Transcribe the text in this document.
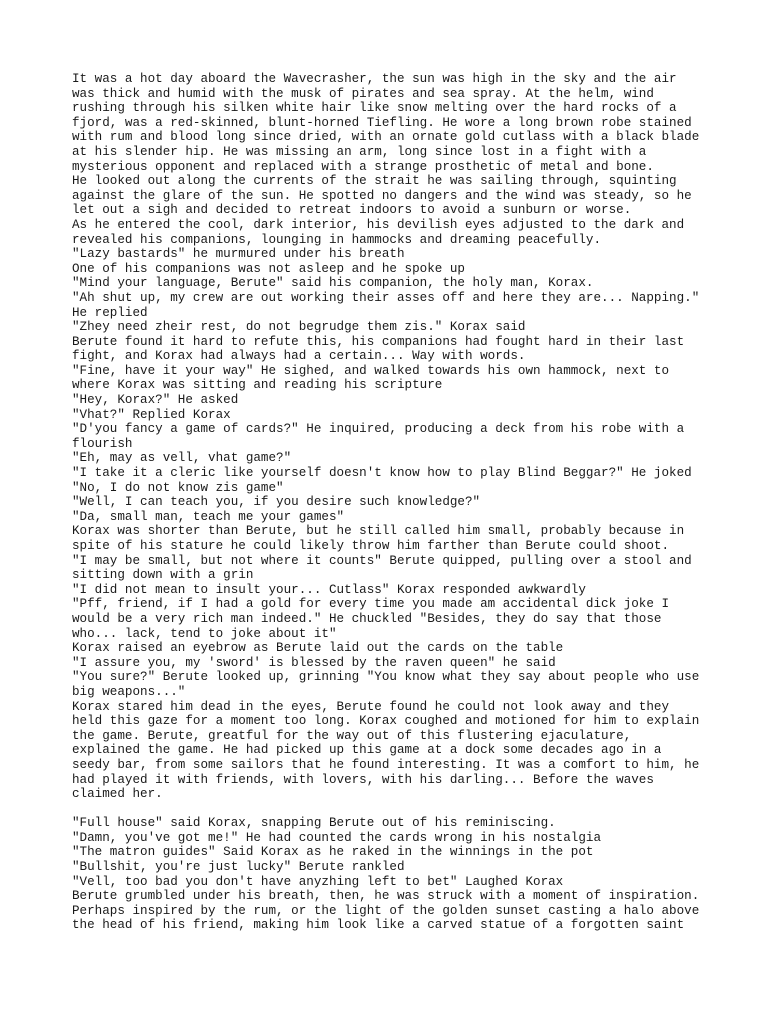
It was a hot day aboard the Wavecrasher, the sun was high in the sky and the air
was thick and humid with the musk of pirates and sea spray. At the helm, wind
rushing through his silken white hair like snow melting over the hard rocks of a
fjord, was a red-skinned, blunt-horned Tiefling. He wore a long brown robe stained
with rum and blood long since dried, with an ornate gold cutlass with a black blade
at his slender hip. He was missing an arm, long since lost in a fight with a
mysterious opponent and replaced with a strange prosthetic of metal and bone.
He looked out along the currents of the strait he was sailing through, squinting
against the glare of the sun. He spotted no dangers and the wind was steady, so he
let out a sigh and decided to retreat indoors to avoid a sunburn or worse.
As he entered the cool, dark interior, his devilish eyes adjusted to the dark and
revealed his companions, lounging in hammocks and dreaming peacefully.
"Lazy bastards" he murmured under his breath
One of his companions was not asleep and he spoke up
"Mind your language, Berute" said his companion, the holy man, Korax.
"Ah shut up, my crew are out working their asses off and here they are... Napping."
He replied
"Zhey need zheir rest, do not begrudge them zis." Korax said
Berute found it hard to refute this, his companions had fought hard in their last
fight, and Korax had always had a certain... Way with words.
"Fine, have it your way" He sighed, and walked towards his own hammock, next to
where Korax was sitting and reading his scripture
"Hey, Korax?" He asked
"Vhat?" Replied Korax
"D'you fancy a game of cards?" He inquired, producing a deck from his robe with a
flourish
"Eh, may as vell, vhat game?"
"I take it a cleric like yourself doesn't know how to play Blind Beggar?" He joked
"No, I do not know zis game"
"Well, I can teach you, if you desire such knowledge?"
"Da, small man, teach me your games"
Korax was shorter than Berute, but he still called him small, probably because in
spite of his stature he could likely throw him farther than Berute could shoot.
"I may be small, but not where it counts" Berute quipped, pulling over a stool and
sitting down with a grin
"I did not mean to insult your... Cutlass" Korax responded awkwardly
"Pff, friend, if I had a gold for every time you made am accidental dick joke I
would be a very rich man indeed." He chuckled "Besides, they do say that those
who... lack, tend to joke about it"
Korax raised an eyebrow as Berute laid out the cards on the table
"I assure you, my 'sword' is blessed by the raven queen" he said
"You sure?" Berute looked up, grinning "You know what they say about people who use
big weapons..."
Korax stared him dead in the eyes, Berute found he could not look away and they
held this gaze for a moment too long. Korax coughed and motioned for him to explain
the game. Berute, greatful for the way out of this flustering ejaculature,
explained the game. He had picked up this game at a dock some decades ago in a
seedy bar, from some sailors that he found interesting. It was a comfort to him, he
had played it with friends, with lovers, with his darling... Before the waves
claimed her.
"Full house" said Korax, snapping Berute out of his reminiscing.
"Damn, you've got me!" He had counted the cards wrong in his nostalgia
"The matron guides" Said Korax as he raked in the winnings in the pot
"Bullshit, you're just lucky" Berute rankled
"Vell, too bad you don't have anyzhing left to bet" Laughed Korax
Berute grumbled under his breath, then, he was struck with a moment of inspiration.
Perhaps inspired by the rum, or the light of the golden sunset casting a halo above
the head of his friend, making him look like a carved statue of a forgotten saint
